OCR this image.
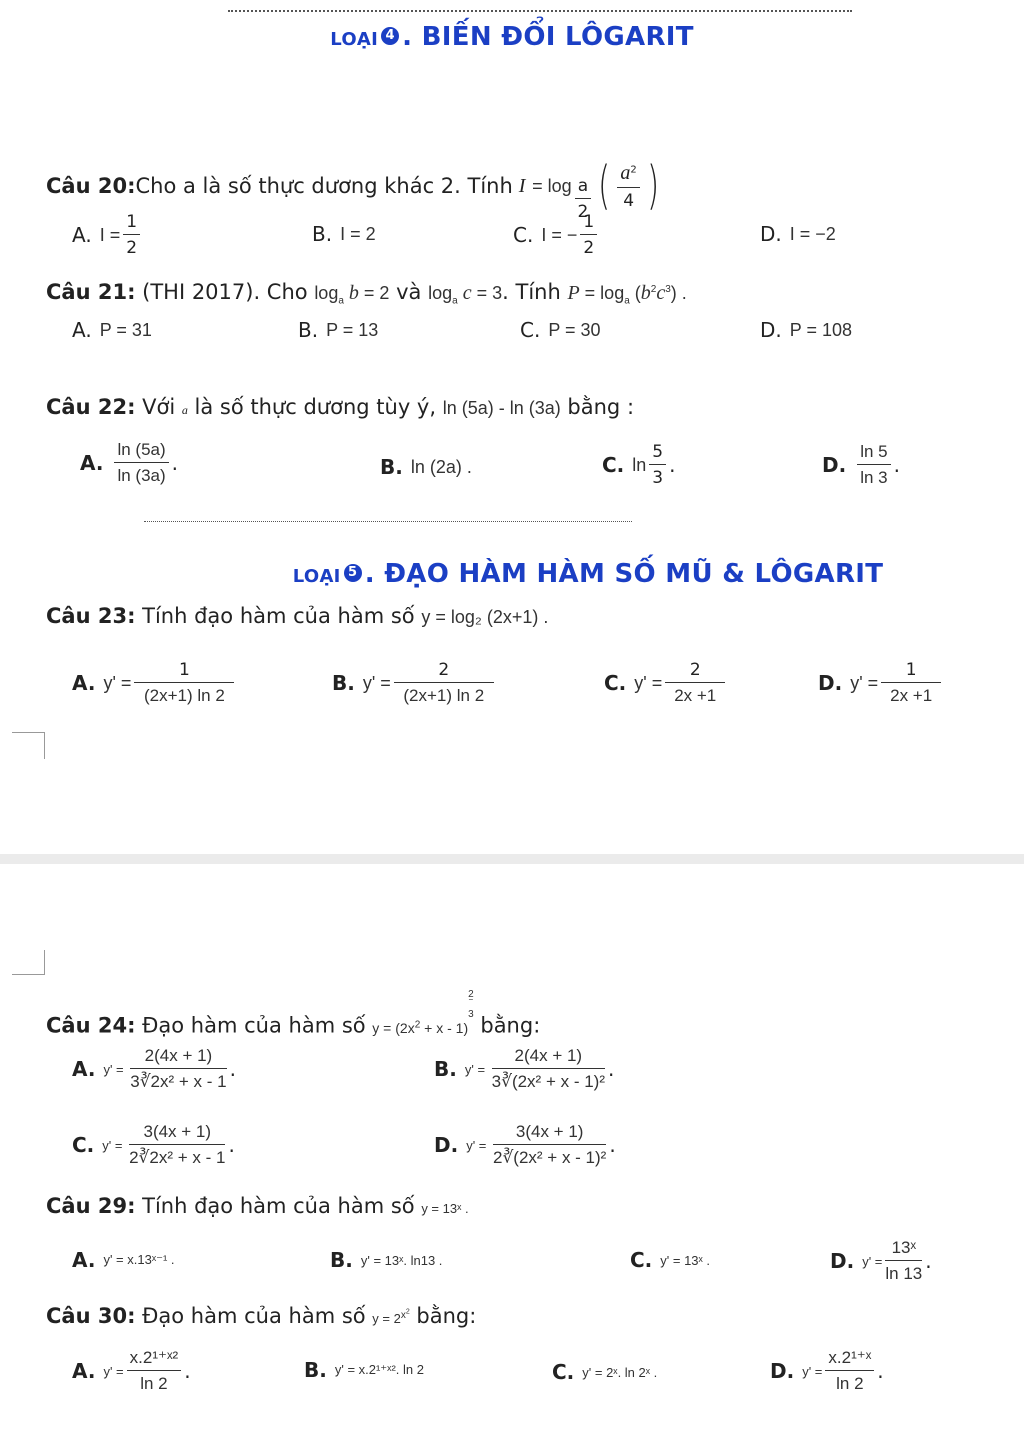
LOẠI 4 . BIẾN ĐỔI LÔGARIT
Câu 20: Cho a là số thực dương khác 2. Tính I
= $\log \frac{a}{2}$ ( $\frac{a^2}{4}$ )
A. $I = \frac{1}{2}$	B. I = 2	C. I = − $\frac{1}{2}$	D. I = −2
Câu 21: (THI 2017). Cho $\log_a b = 2$ và $\log_a c = 3$. Tính $P = \log_a (b^2c^3)$ .
A. P = 31	B. P = 13	C. P = 30	D. P = 108
Câu 22: Với a là số thực dương tùy ý, ln (5a) - ln (3a) bằng :
A. $\frac{\ln (5a)}{\ln (3a)}$ .	B. ln (2a) .	C. $\ln \frac{5}{3}$ .	D. $\frac{\ln 5}{\ln 3}$ .
LOẠI 5 . ĐẠO HÀM HÀM SỐ MŨ & LÔGARIT
Câu 23: Tính đạo hàm của hàm số y = log₂ (2x+1) .
A. $y' = \frac{1}{(2x+1) \ln 2}$	B. $y' = \frac{2}{(2x+1) \ln 2}$	C. $y' = \frac{2}{2x +1}$	D. $y' = \frac{1}{2x +1}$
Câu 24: Đạo hàm của hàm số $y = (2x^2 + x - 1)^{2 ‾ 3}$ bằng:
A. $y' = \frac{2(4x + 1)}{\text{3∛2x² + x - 1}}$ .	B. $y' = \frac{2(4x + 1)}{\text{3∛(2x² + x - 1)²}}$ .
C. $y' = \frac{3(4x + 1)}{\text{2∛2x² + x - 1}}$ .	D. $y' = \frac{3(4x + 1)}{\text{2∛(2x² + x - 1)²}}$ .
Câu 29: Tính đạo hàm của hàm số y = 13ˣ .
A. y' = x.13ˣ⁻¹ .	B. y' = 13ˣ. ln13 .	C. y' = 13ˣ .	D. $y' = \frac{\text{13ˣ}}{\ln 13}$ .
Câu 30: Đạo hàm của hàm số $y = 2^{x^2}$ bằng:
A. $y' = \frac{\text{x.2¹⁺ˣ²}}{\ln 2}$ .	B. y' = x.2¹⁺ˣ². ln 2	C. y' = 2ˣ. ln 2ˣ .	D. $y' = \frac{\text{x.2¹⁺ˣ}}{\ln 2}$ .
